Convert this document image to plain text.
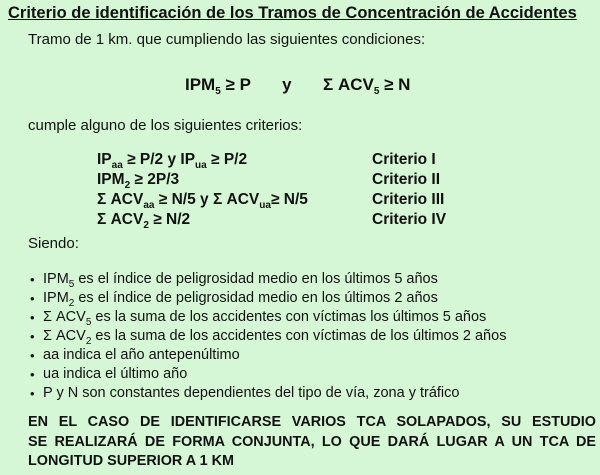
Criterio de identificación de los Tramos de Concentración de Accidentes
Tramo de 1 km. que cumpliendo las siguientes condiciones:
$IPM_5 \ge P$ y Σ $ACV_5 \ge N$
cumple alguno de los siguientes criterios:
$IP_{aa} \ge P/2$ y $IP_{ua} \ge P/2$	Criterio I
$IPM_2 \ge 2P/3$	Criterio II
Σ $ACV_{aa} \ge N/5$ y Σ $ACV_{ua}\ge N/5$	Criterio III
Σ $ACV_2 \ge N/2$	Criterio IV
Siendo:
• $IPM_5$ es el índice de peligrosidad medio en los últimos 5 años
• $IPM_2$ es el índice de peligrosidad medio en los últimos 2 años
• Σ $ACV_5$ es la suma de los accidentes con víctimas los últimos 5 años
• Σ $ACV_2$ es la suma de los accidentes con víctimas de los últimos 2 años
• aa indica el año antepenúltimo
• ua indica el último año
• P y N son constantes dependientes del tipo de vía, zona y tráfico
EN EL CASO DE IDENTIFICARSE VARIOS TCA SOLAPADOS, SU ESTUDIO
SE REALIZARÁ DE FORMA CONJUNTA, LO QUE DARÁ LUGAR A UN TCA DE
LONGITUD SUPERIOR A 1 KM
